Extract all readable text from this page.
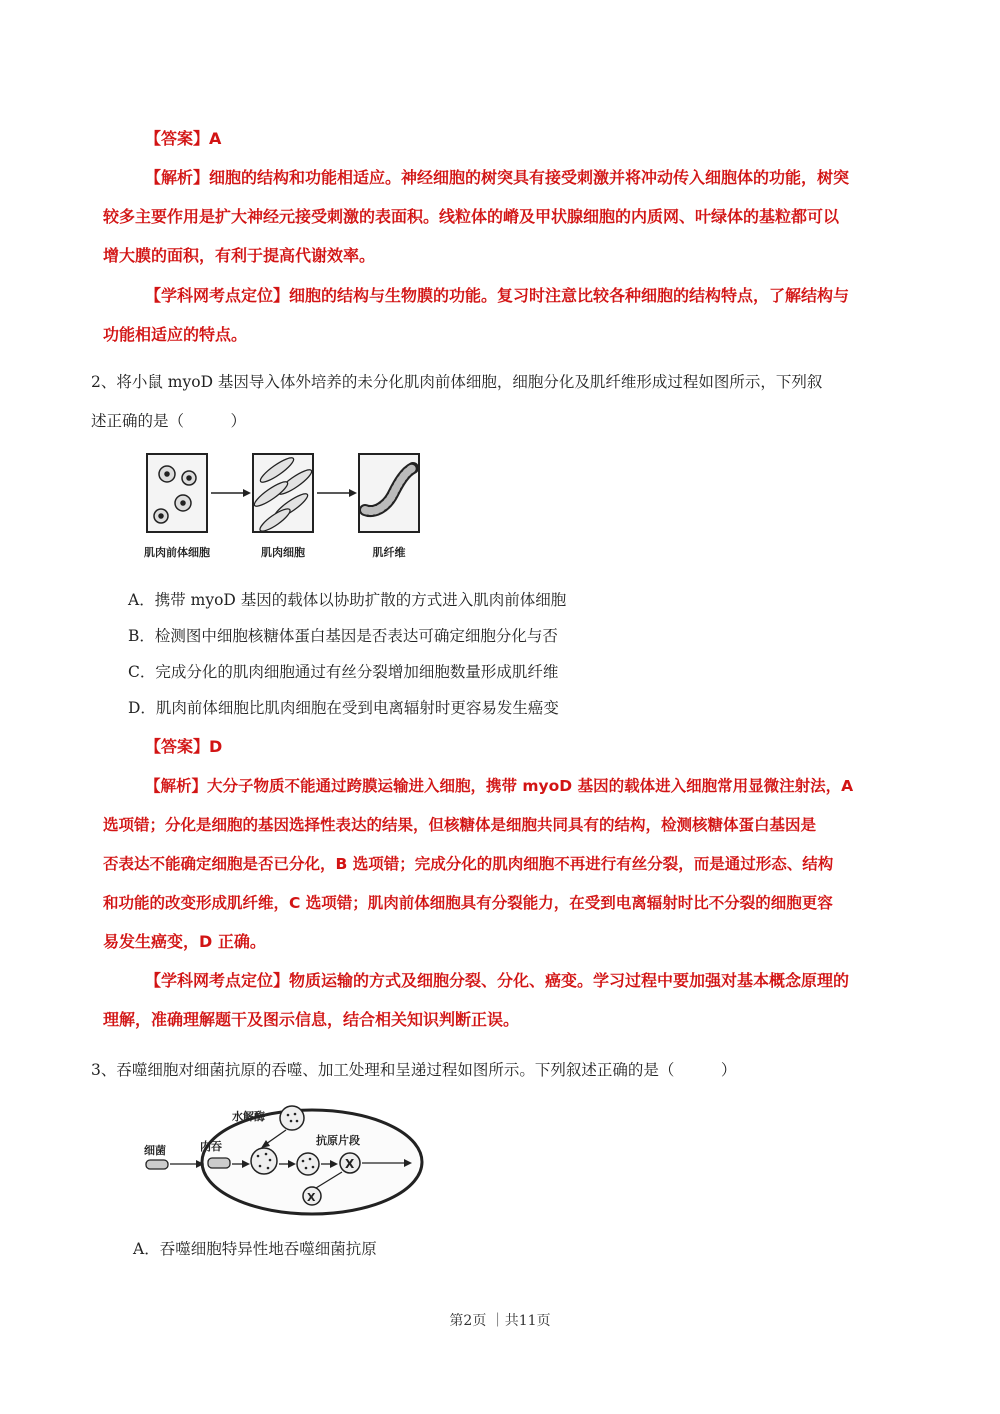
【答案】A
【解析】细胞的结构和功能相适应。神经细胞的树突具有接受刺激并将冲动传入细胞体的功能，树突
较多主要作用是扩大神经元接受刺激的表面积。线粒体的嵴及甲状腺细胞的内质网、叶绿体的基粒都可以
增大膜的面积，有利于提高代谢效率。
【学科网考点定位】细胞的结构与生物膜的功能。复习时注意比较各种细胞的结构特点，了解结构与
功能相适应的特点。
2、将小鼠 myoD 基因导入体外培养的未分化肌肉前体细胞，细胞分化及肌纤维形成过程如图所示，下列叙
述正确的是（　　　）
肌肉前体细胞	肌肉细胞	肌纤维
A．携带 myoD 基因的载体以协助扩散的方式进入肌肉前体细胞
B．检测图中细胞核糖体蛋白基因是否表达可确定细胞分化与否
C．完成分化的肌肉细胞通过有丝分裂增加细胞数量形成肌纤维
D．肌肉前体细胞比肌肉细胞在受到电离辐射时更容易发生癌变
【答案】D
【解析】大分子物质不能通过跨膜运输进入细胞，携带 myoD 基因的载体进入细胞常用显微注射法，A
选项错；分化是细胞的基因选择性表达的结果，但核糖体是细胞共同具有的结构，检测核糖体蛋白基因是
否表达不能确定细胞是否已分化，B 选项错；完成分化的肌肉细胞不再进行有丝分裂，而是通过形态、结构
和功能的改变形成肌纤维，C 选项错；肌肉前体细胞具有分裂能力，在受到电离辐射时比不分裂的细胞更容
易发生癌变，D 正确。
【学科网考点定位】物质运输的方式及细胞分裂、分化、癌变。学习过程中要加强对基本概念原理的
理解，准确理解题干及图示信息，结合相关知识判断正误。
3、吞噬细胞对细菌抗原的吞噬、加工处理和呈递过程如图所示。下列叙述正确的是（　　　）
水解酶
细菌	内吞	抗原片段
X
X
A．吞噬细胞特异性地吞噬细菌抗原
第2页 ｜共11页
